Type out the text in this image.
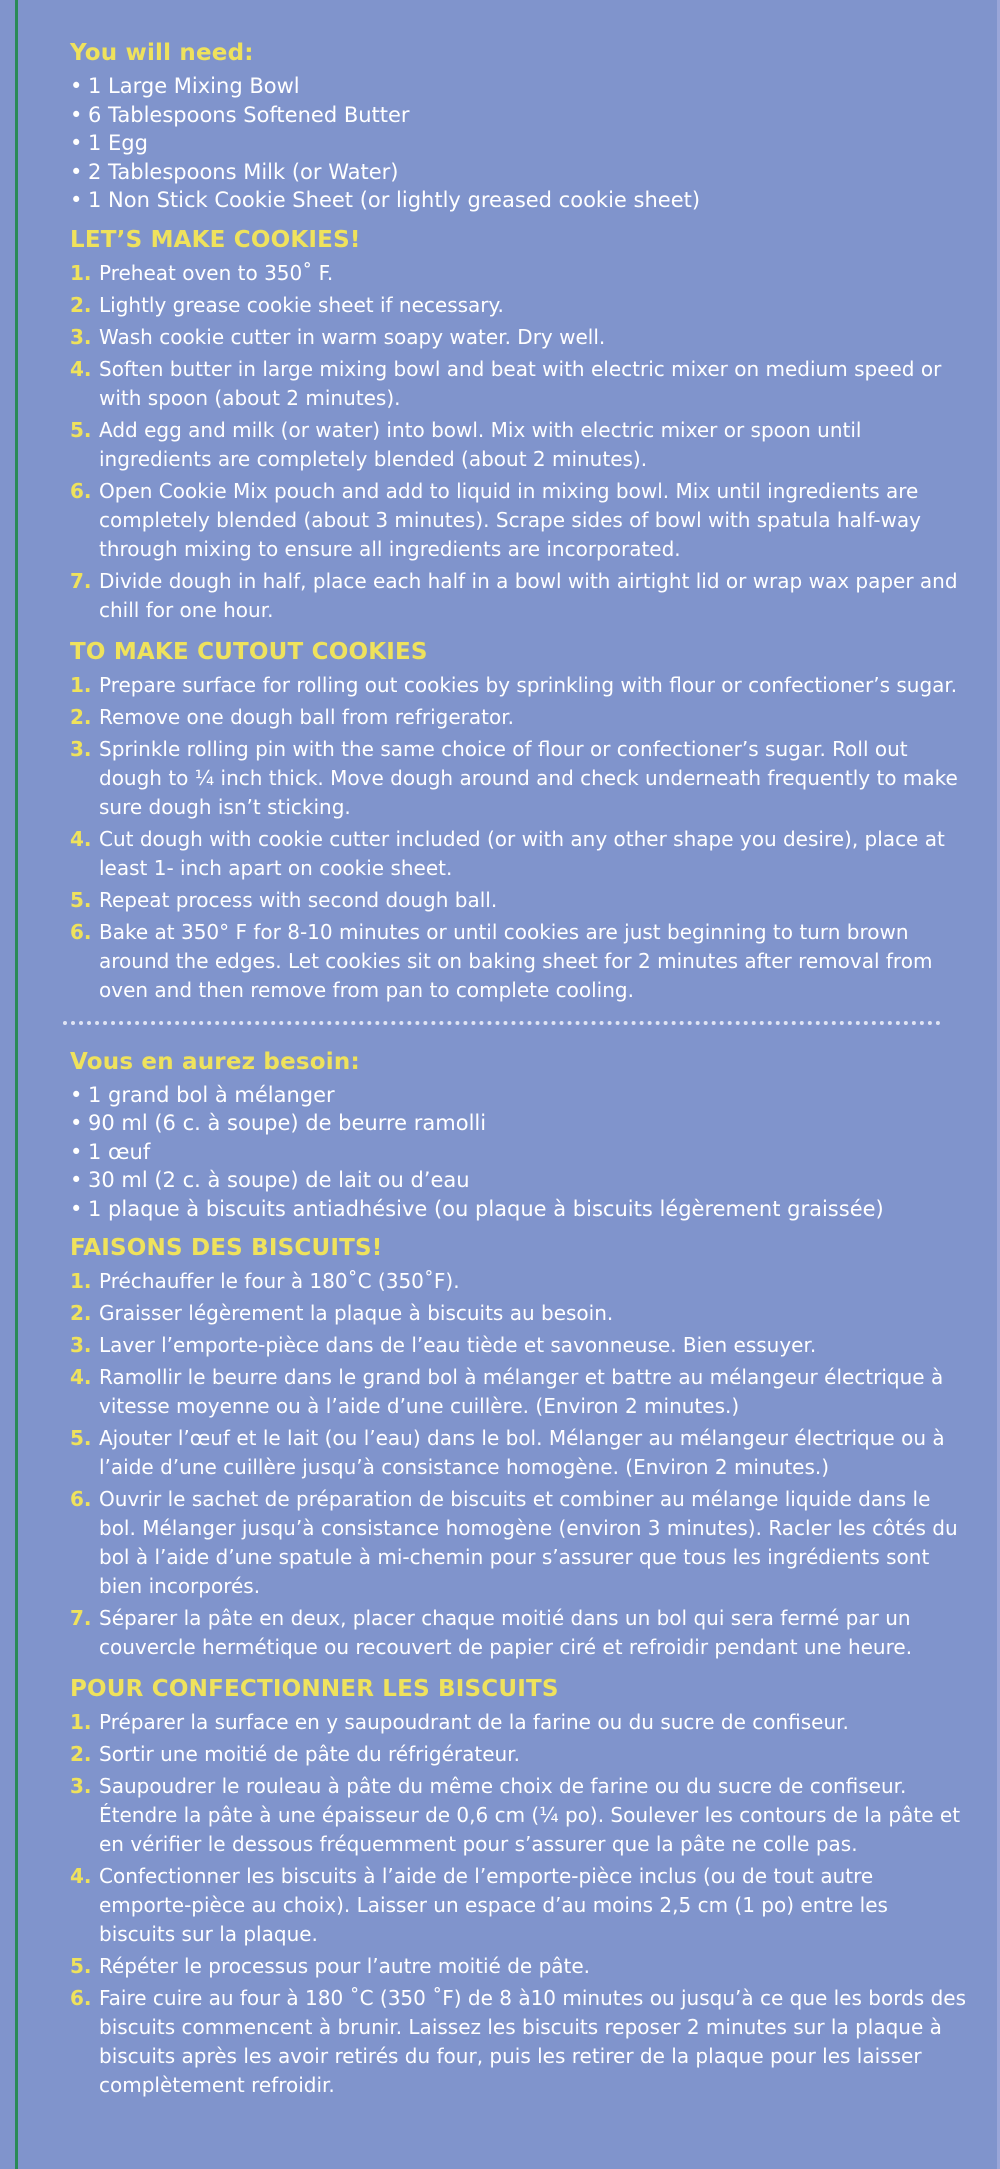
You will need:
• 1 Large Mixing Bowl
• 6 Tablespoons Softened Butter
• 1 Egg
• 2 Tablespoons Milk (or Water)
• 1 Non Stick Cookie Sheet (or lightly greased cookie sheet)
LET’S MAKE COOKIES!
1. Preheat oven to 350˚ F.
2. Lightly grease cookie sheet if necessary.
3. Wash cookie cutter in warm soapy water. Dry well.
4. Soften butter in large mixing bowl and beat with electric mixer on medium speed or with spoon (about 2 minutes).
5. Add egg and milk (or water) into bowl. Mix with electric mixer or spoon until ingredients are completely blended (about 2 minutes).
6. Open Cookie Mix pouch and add to liquid in mixing bowl. Mix until ingredients are completely blended (about 3 minutes). Scrape sides of bowl with spatula half-way through mixing to ensure all ingredients are incorporated.
7. Divide dough in half, place each half in a bowl with airtight lid or wrap wax paper and chill for one hour.
TO MAKE CUTOUT COOKIES
1. Prepare surface for rolling out cookies by sprinkling with flour or confectioner’s sugar.
2. Remove one dough ball from refrigerator.
3. Sprinkle rolling pin with the same choice of flour or confectioner’s sugar. Roll out dough to ¼ inch thick. Move dough around and check underneath frequently to make sure dough isn’t sticking.
4. Cut dough with cookie cutter included (or with any other shape you desire), place at least 1- inch apart on cookie sheet.
5. Repeat process with second dough ball.
6. Bake at 350° F for 8-10 minutes or until cookies are just beginning to turn brown around the edges. Let cookies sit on baking sheet for 2 minutes after removal from oven and then remove from pan to complete cooling.
Vous en aurez besoin:
• 1 grand bol à mélanger
• 90 ml (6 c. à soupe) de beurre ramolli
• 1 œuf
• 30 ml (2 c. à soupe) de lait ou d’eau
• 1 plaque à biscuits antiadhésive (ou plaque à biscuits légèrement graissée)
FAISONS DES BISCUITS!
1. Préchauffer le four à 180˚C (350˚F).
2. Graisser légèrement la plaque à biscuits au besoin.
3. Laver l’emporte-pièce dans de l’eau tiède et savonneuse. Bien essuyer.
4. Ramollir le beurre dans le grand bol à mélanger et battre au mélangeur électrique à vitesse moyenne ou à l’aide d’une cuillère. (Environ 2 minutes.)
5. Ajouter l’œuf et le lait (ou l’eau) dans le bol. Mélanger au mélangeur électrique ou à l’aide d’une cuillère jusqu’à consistance homogène. (Environ 2 minutes.)
6. Ouvrir le sachet de préparation de biscuits et combiner au mélange liquide dans le bol. Mélanger jusqu’à consistance homogène (environ 3 minutes). Racler les côtés du bol à l’aide d’une spatule à mi-chemin pour s’assurer que tous les ingrédients sont bien incorporés.
7. Séparer la pâte en deux, placer chaque moitié dans un bol qui sera fermé par un couvercle hermétique ou recouvert de papier ciré et refroidir pendant une heure.
POUR CONFECTIONNER LES BISCUITS
1. Préparer la surface en y saupoudrant de la farine ou du sucre de confiseur.
2. Sortir une moitié de pâte du réfrigérateur.
3. Saupoudrer le rouleau à pâte du même choix de farine ou du sucre de confiseur. Étendre la pâte à une épaisseur de 0,6 cm (¼ po). Soulever les contours de la pâte et en vérifier le dessous fréquemment pour s’assurer que la pâte ne colle pas.
4. Confectionner les biscuits à l’aide de l’emporte-pièce inclus (ou de tout autre emporte-pièce au choix). Laisser un espace d’au moins 2,5 cm (1 po) entre les biscuits sur la plaque.
5. Répéter le processus pour l’autre moitié de pâte.
6. Faire cuire au four à 180 ˚C (350 ˚F) de 8 à10 minutes ou jusqu’à ce que les bords des biscuits commencent à brunir. Laissez les biscuits reposer 2 minutes sur la plaque à biscuits après les avoir retirés du four, puis les retirer de la plaque pour les laisser complètement refroidir.
